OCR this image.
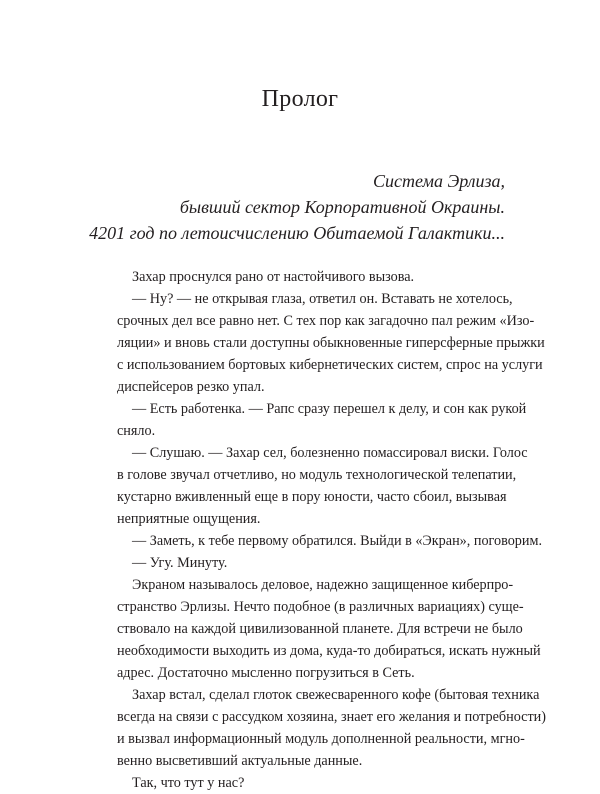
Пролог
Система Эрлиза,
бывший сектор Корпоративной Окраины.
4201 год по летоисчислению Обитаемой Галактики...
Захар проснулся рано от настойчивого вызова.
— Ну? — не открывая глаза, ответил он. Вставать не хотелось,
срочных дел все равно нет. С тех пор как загадочно пал режим «Изо-
ляции» и вновь стали доступны обыкновенные гиперсферные прыжки
с использованием бортовых кибернетических систем, спрос на услуги
диспейсеров резко упал.
— Есть работенка. — Рапс сразу перешел к делу, и сон как рукой
сняло.
— Слушаю. — Захар сел, болезненно помассировал виски. Голос
в голове звучал отчетливо, но модуль технологической телепатии,
кустарно вживленный еще в пору юности, часто сбоил, вызывая
неприятные ощущения.
— Заметь, к тебе первому обратился. Выйди в «Экран», поговорим.
— Угу. Минуту.
Экраном называлось деловое, надежно защищенное киберпро-
странство Эрлизы. Нечто подобное (в различных вариациях) суще-
ствовало на каждой цивилизованной планете. Для встречи не было
необходимости выходить из дома, куда-то добираться, искать нужный
адрес. Достаточно мысленно погрузиться в Сеть.
Захар встал, сделал глоток свежесваренного кофе (бытовая техника
всегда на связи с рассудком хозяина, знает его желания и потребности)
и вызвал информационный модуль дополненной реальности, мгно-
венно высветивший актуальные данные.
Так, что тут у нас?
